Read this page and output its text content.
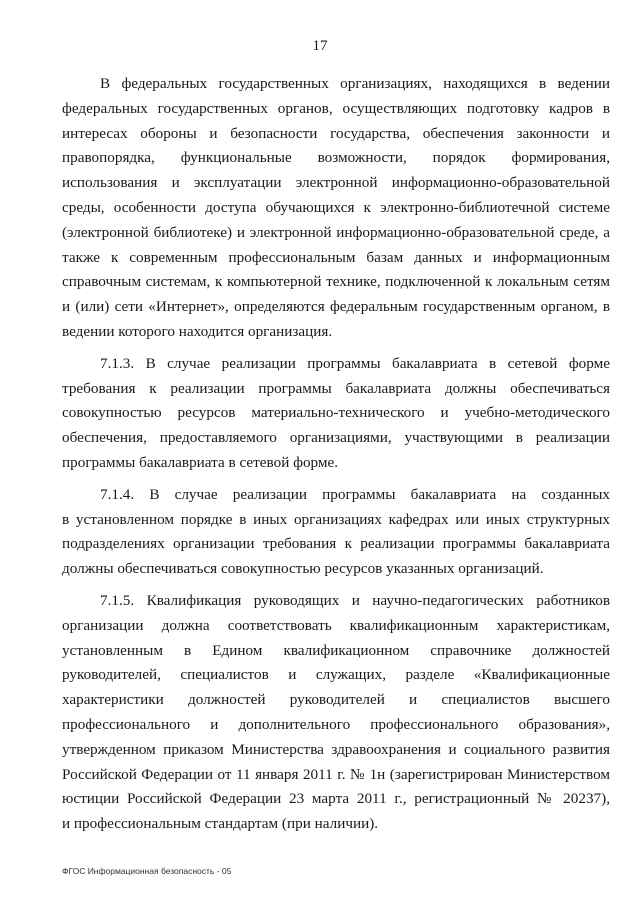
17
В федеральных государственных организациях, находящихся в ведении
федеральных государственных органов, осуществляющих подготовку кадров в
интересах обороны и безопасности государства, обеспечения законности и
правопорядка, функциональные возможности, порядок формирования,
использования и эксплуатации электронной информационно-образовательной
среды, особенности доступа обучающихся к электронно-библиотечной системе
(электронной библиотеке) и электронной информационно-образовательной среде, а
также к современным профессиональным базам данных и информационным
справочным системам, к компьютерной технике, подключенной к локальным сетям
и (или) сети «Интернет», определяются федеральным государственным органом, в
ведении которого находится организация.
7.1.3. В случае реализации программы бакалавриата в сетевой форме
требования к реализации программы бакалавриата должны обеспечиваться
совокупностью ресурсов материально-технического и учебно-методического
обеспечения, предоставляемого организациями, участвующими в реализации
программы бакалавриата в сетевой форме.
7.1.4. В случае реализации программы бакалавриата на созданных
в установленном порядке в иных организациях кафедрах или иных структурных
подразделениях организации требования к реализации программы бакалавриата
должны обеспечиваться совокупностью ресурсов указанных организаций.
7.1.5. Квалификация руководящих и научно-педагогических работников
организации должна соответствовать квалификационным характеристикам,
установленным в Едином квалификационном справочнике должностей
руководителей, специалистов и служащих, разделе «Квалификационные
характеристики должностей руководителей и специалистов высшего
профессионального и дополнительного профессионального образования»,
утвержденном приказом Министерства здравоохранения и социального развития
Российской Федерации от 11 января 2011 г. № 1н (зарегистрирован Министерством
юстиции Российской Федерации 23 марта 2011 г., регистрационный № 20237),
и профессиональным стандартам (при наличии).
ФГОС Информационная безопасность - 05
